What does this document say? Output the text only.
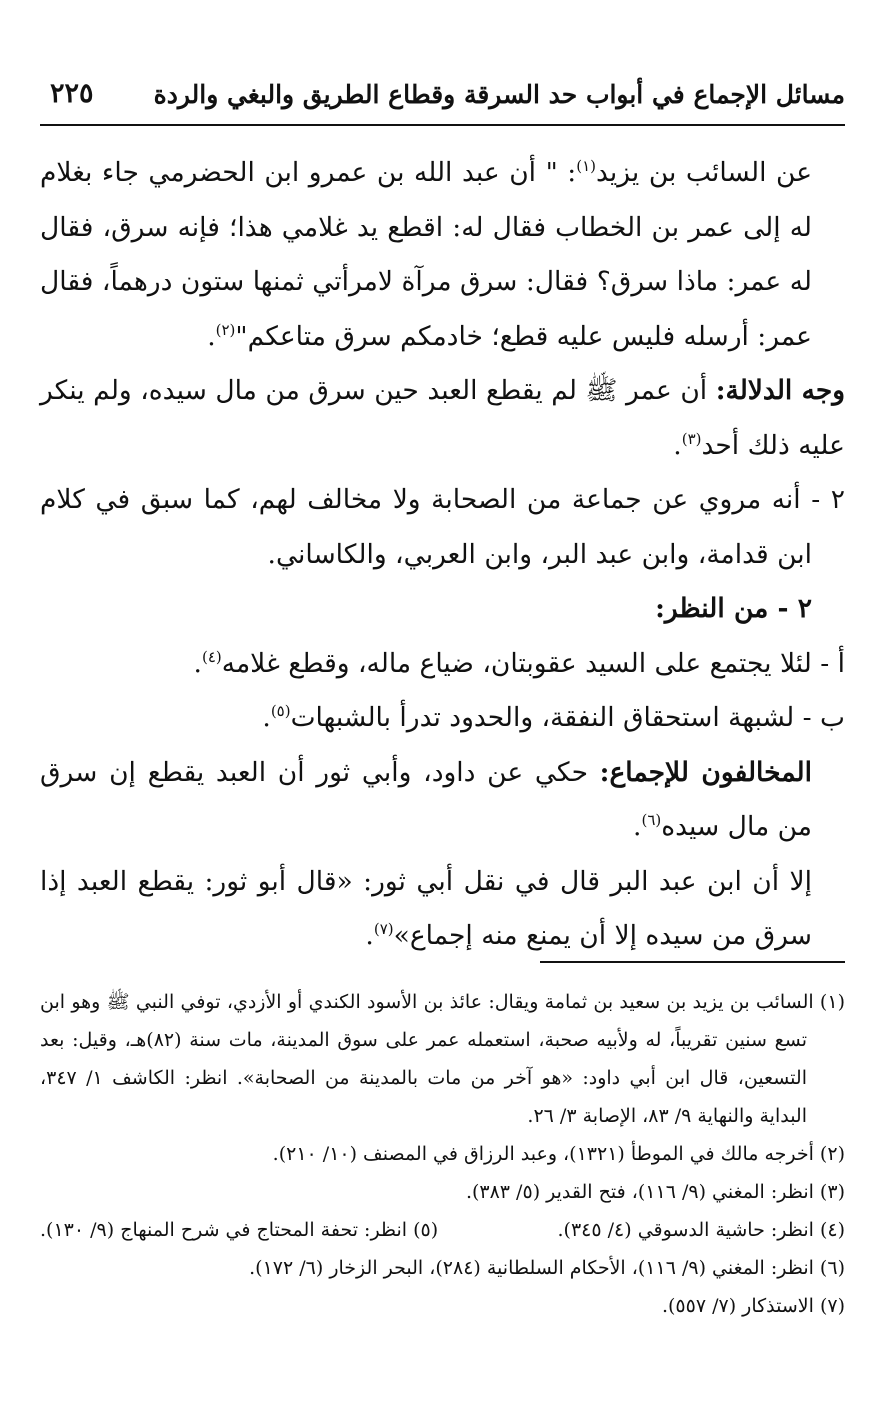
مسائل الإجماع في أبواب حد السرقة وقطاع الطريق والبغي والردة
٢٢٥

عن السائب بن يزيد$^{(١)}$: " أن عبد الله بن عمرو ابن الحضرمي جاء بغلام له إلى عمر بن الخطاب فقال له: اقطع يد غلامي هذا؛ فإنه سرق، فقال له عمر: ماذا سرق؟ فقال: سرق مرآة لامرأتي ثمنها ستون درهماً، فقال عمر: أرسله فليس عليه قطع؛ خادمكم سرق متاعكم"$^{(٢)}$.

وجه الدلالة: أن عمر ﷺ لم يقطع العبد حين سرق من مال سيده، ولم ينكر عليه ذلك أحد$^{(٣)}$.

٢ - أنه مروي عن جماعة من الصحابة ولا مخالف لهم، كما سبق في كلام ابن قدامة، وابن عبد البر، وابن العربي، والكاساني.

٢ - من النظر:

أ - لئلا يجتمع على السيد عقوبتان، ضياع ماله، وقطع غلامه$^{(٤)}$.

ب - لشبهة استحقاق النفقة، والحدود تدرأ بالشبهات$^{(٥)}$.

المخالفون للإجماع: حكي عن داود، وأبي ثور أن العبد يقطع إن سرق من مال سيده$^{(٦)}$.

إلا أن ابن عبد البر قال في نقل أبي ثور: «قال أبو ثور: يقطع العبد إذا سرق من سيده إلا أن يمنع منه إجماع»$^{(٧)}$.

(١) السائب بن يزيد بن سعيد بن ثمامة ويقال: عائذ بن الأسود الكندي أو الأزدي، توفي النبي ﷺ وهو ابن تسع سنين تقريباً، له ولأبيه صحبة، استعمله عمر على سوق المدينة، مات سنة (٨٢)هـ، وقيل: بعد التسعين، قال ابن أبي داود: «هو آخر من مات بالمدينة من الصحابة». انظر: الكاشف ١/ ٣٤٧، البداية والنهاية ٩/ ٨٣، الإصابة ٣/ ٢٦.
(٢) أخرجه مالك في الموطأ (١٣٢١)، وعبد الرزاق في المصنف (١٠/ ٢١٠).
(٣) انظر: المغني (٩/ ١١٦)، فتح القدير (٥/ ٣٨٣).
(٤) انظر: حاشية الدسوقي (٤/ ٣٤٥).
(٥) انظر: تحفة المحتاج في شرح المنهاج (٩/ ١٣٠).
(٦) انظر: المغني (٩/ ١١٦)، الأحكام السلطانية (٢٨٤)، البحر الزخار (٦/ ١٧٢).
(٧) الاستذكار (٧/ ٥٥٧).
